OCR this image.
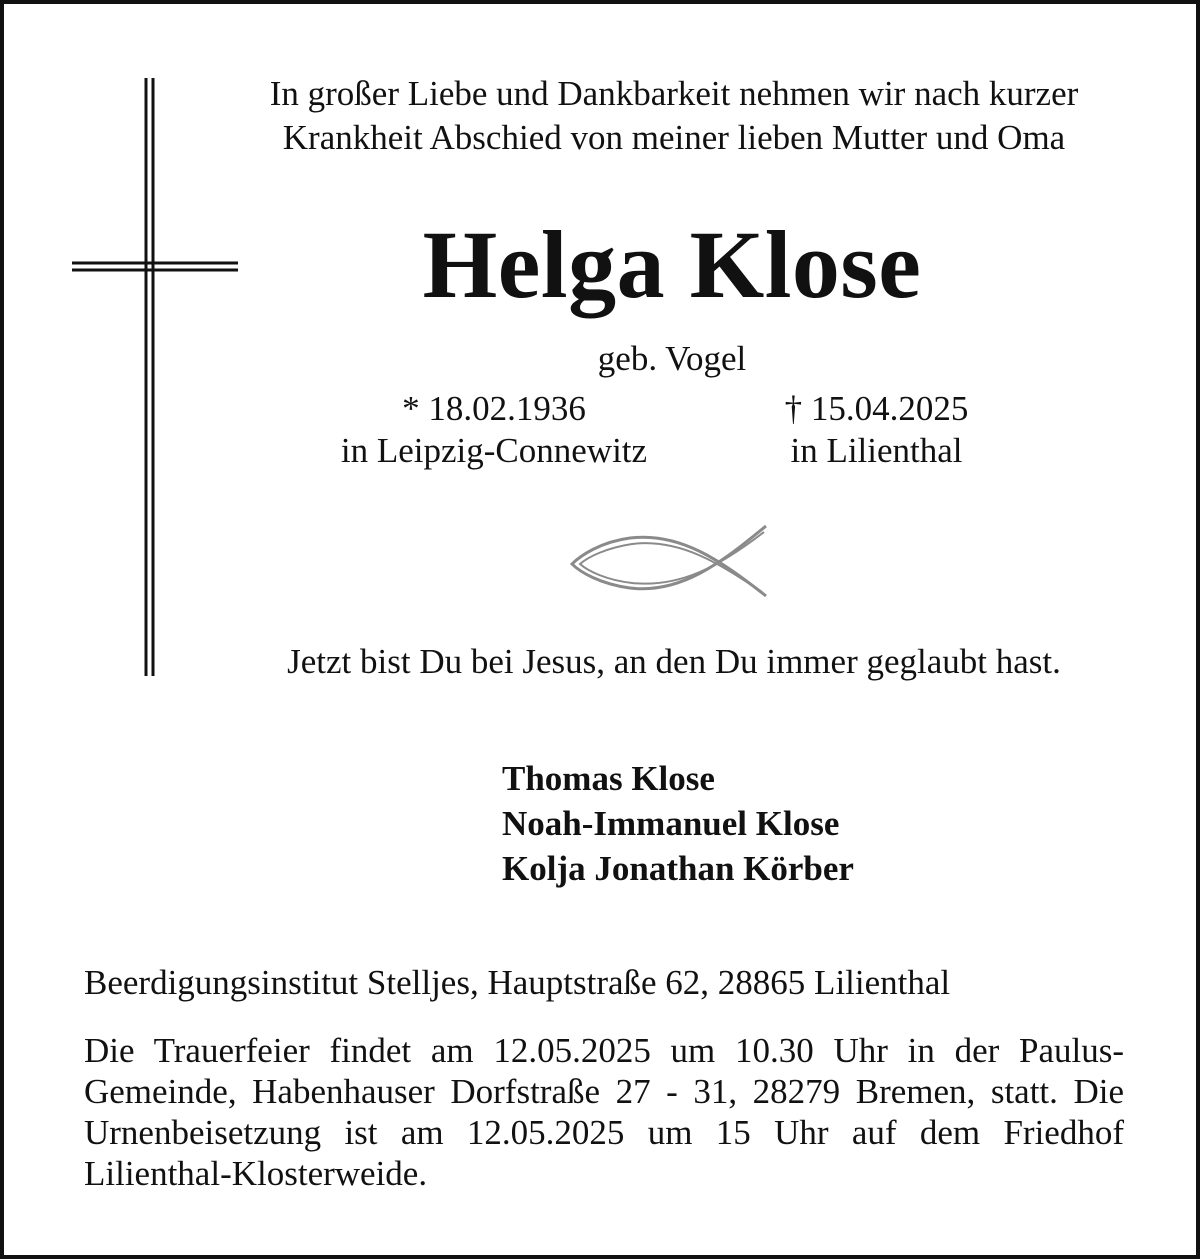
In großer Liebe und Dankbarkeit nehmen wir nach kurzer
Krankheit Abschied von meiner lieben Mutter und Oma
Helga Klose
geb. Vogel
* 18.02.1936
in Leipzig-Connewitz
† 15.04.2025
in Lilienthal
Jetzt bist Du bei Jesus, an den Du immer geglaubt hast.
Thomas Klose
Noah-Immanuel Klose
Kolja Jonathan Körber
Beerdigungsinstitut Stelljes, Hauptstraße 62, 28865 Lilienthal
Die Trauerfeier findet am 12.05.2025 um 10.30 Uhr in der Paulus-Gemeinde, Habenhauser Dorfstraße 27 - 31, 28279 Bremen, statt. Die Urnenbeisetzung ist am 12.05.2025 um 15 Uhr auf dem Friedhof Lilienthal-Klosterweide.
